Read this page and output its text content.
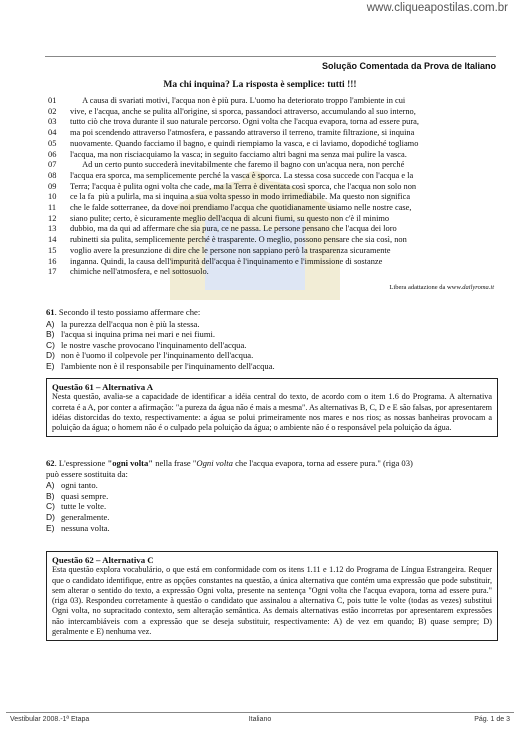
www.cliqueapostilas.com.br
Solução Comentada da Prova de Italiano
Ma chi inquina? La risposta è semplice: tutti !!!
01	A causa di svariati motivi, l'acqua non è più pura. L'uomo ha deteriorato troppo l'ambiente in cui
02	vive, e l'acqua, anche se pulita all'origine, si sporca, passandoci attraverso, accumulando al suo interno,
03	tutto ciò che trova durante il suo naturale percorso. Ogni volta che l'acqua evapora, torna ad essere pura,
04	ma poi scendendo attraverso l'atmosfera, e passando attraverso il terreno, tramite filtrazione, si inquina
05	nuovamente. Quando facciamo il bagno, e quindi riempiamo la vasca, e ci laviamo, dopodiché togliamo
06	l'acqua, ma non risciacquiamo la vasca; in seguito facciamo altri bagni ma senza mai pulire la vasca.
07	Ad un certo punto succederà inevitabilmente che faremo il bagno con un'acqua nera, non perché
08	l'acqua era sporca, ma semplicemente perché la vasca è sporca. La stessa cosa succede con l'acqua e la
09	Terra; l'acqua è pulita ogni volta che cade, ma la Terra è diventata così sporca, che l'acqua non solo non
10	ce la fa  più a pulirla, ma si inquina a sua volta spesso in modo irrimediabile. Ma questo non significa
11	che le falde sotterranee, da dove noi prendiamo l'acqua che quotidianamente usiamo nelle nostre case,
12	siano pulite; certo, è sicuramente meglio dell'acqua di alcuni fiumi, su questo non c'è il minimo
13	dubbio, ma da qui ad affermare che sia pura, ce ne passa. Le persone pensano che l'acqua dei loro
14	rubinetti sia pulita, semplicemente perché è trasparente. O meglio, possono pensare che sia così, non
15	voglio avere la presunzione di dire che le persone non sappiano però la trasparenza sicuramente
16	inganna. Quindi, la causa dell'impurità dell'acqua è l'inquinamento e l'immissione di sostanze
17	chimiche nell'atmosfera, e nel sottosuolo.
Libera adattazione da www.dailyroma.it
61. Secondo il testo possiamo affermare che:
A) la purezza dell'acqua non è più la stessa.
B) l'acqua si inquina prima nei mari e nei fiumi.
C) le nostre vasche provocano l'inquinamento dell'acqua.
D) non è l'uomo il colpevole per l'inquinamento dell'acqua.
E) l'ambiente non è il responsabile per l'inquinamento dell'acqua.
Questão 61 – Alternativa A

Nesta questão, avalia-se a capacidade de identificar a idéia central do texto, de acordo com o item 1.6 do Programa. A alternativa correta é a A, por conter a afirmação: "a pureza da água não é mais a mesma". As alternativas B, C, D e E são falsas, por apresentarem idéias distorcidas do texto, respectivamente: a água se polui primeiramente nos mares e nos rios; as nossas banheiras provocam a poluição da água; o homem não é o culpado pela poluição da água; o ambiente não é o responsável pela poluição da água.

62. L'espressione "ogni volta" nella frase "Ogni volta che l'acqua evapora, torna ad essere pura." (riga 03)
può essere sostituita da:
A) ogni tanto.
B) quasi sempre.
C) tutte le volte.
D) generalmente.
E) nessuna volta.
Questão 62 – Alternativa C

Esta questão explora vocabulário, o que está em conformidade com os itens 1.11 e 1.12 do Programa de Língua Estrangeira. Requer que o candidato identifique, entre as opções constantes na questão, a única alternativa que contém uma expressão que pode substituir, sem alterar o sentido do texto, a expressão Ogni volta, presente na sentença "Ogni volta che l'acqua evapora, torna ad essere pura." (riga 03). Respondeu corretamente à questão o candidato que assinalou a alternativa C, pois tutte le volte (todas as vezes) substitui Ogni volta, no supracitado contexto, sem alteração semântica. As demais alternativas estão incorretas por apresentarem expressões não intercambiáveis com a expressão que se deseja substituir, respectivamente: A) de vez em quando; B) quase sempre; D) geralmente e E) nenhuma vez.

Vestibular 2008.-1ª Etapa	Italiano	Pág. 1 de 3
